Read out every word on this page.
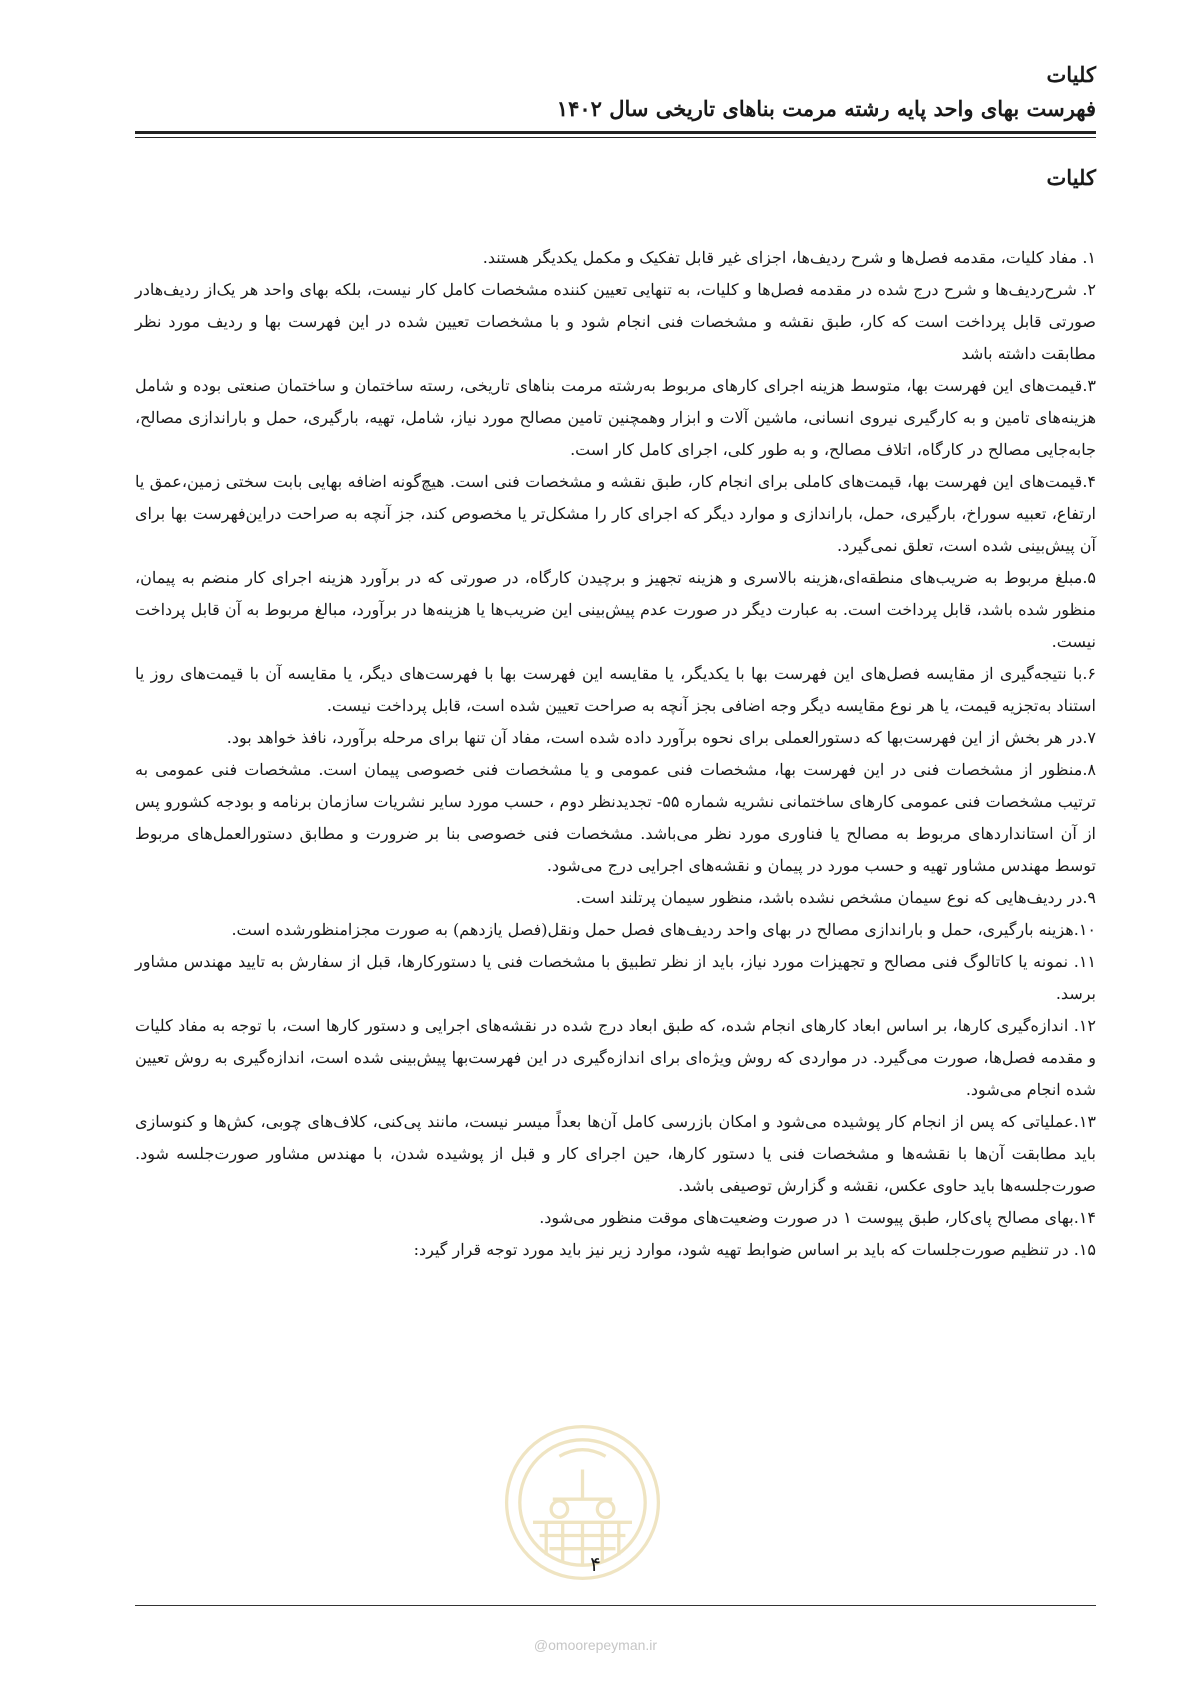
کلیات
فهرست بهای واحد پایه رشته مرمت بناهای تاریخی سال ۱۴۰۲
کلیات

۱. مفاد کلیات، مقدمه فصل‌ها و شرح ردیف‌ها، اجزای غیر قابل تفکیک و مکمل یکدیگر هستند.

۲. شرح‌ردیف‌ها و شرح درج شده در مقدمه فصل‌ها و کلیات، به تنهایی تعیین کننده مشخصات کامل کار نیست، بلکه بهای واحد هر یک‌از ردیف‌هادر صورتی قابل پرداخت است که کار، طبق نقشه و مشخصات فنی انجام شود و با مشخصات تعیین شده در این فهرست بها و ردیف مورد نظر مطابقت داشته باشد

۳.قیمت‌های این فهرست بها، متوسط هزینه اجرای کارهای مربوط به‌رشته مرمت بناهای تاریخی، رسته ساختمان و ساختمان صنعتی بوده و شامل هزینه‌های تامین و به کارگیری نیروی انسانی، ماشین آلات و ابزار وهمچنین تامین مصالح مورد نیاز، شامل، تهیه، بارگیری، حمل و باراندازی مصالح، جابه‌جایی مصالح در کارگاه، اتلاف مصالح، و به طور کلی، اجرای کامل کار است.

۴.قیمت‌های این فهرست بها، قیمت‌های کاملی برای انجام کار، طبق نقشه و مشخصات فنی است. هیچ‌گونه اضافه بهایی بابت سختی زمین،عمق یا ارتفاع، تعبیه سوراخ، بارگیری، حمل، باراندازی و موارد دیگر که اجرای کار را مشکل‌تر یا مخصوص کند، جز آنچه به صراحت دراین‌فهرست بها برای آن پیش‌بینی شده است، تعلق نمی‌گیرد.

۵.مبلغ مربوط به ضریب‌های منطقه‌ای،هزینه بالاسری و هزینه تجهیز و برچیدن کارگاه، در صورتی که در برآورد هزینه اجرای کار منضم به پیمان، منظور شده باشد، قابل پرداخت است. به عبارت دیگر در صورت عدم پیش‌بینی این ضریب‌ها یا هزینه‌ها در برآورد، مبالغ مربوط به آن قابل پرداخت نیست.

۶.با نتیجه‌گیری از مقایسه فصل‌های این فهرست بها با یکدیگر، یا مقایسه این فهرست بها با فهرست‌های دیگر، یا مقایسه آن با قیمت‌های روز یا استناد به‌تجزیه قیمت، یا هر نوع مقایسه دیگر وجه اضافی بجز آنچه به صراحت تعیین شده است، قابل پرداخت نیست.

۷.در هر بخش از این فهرست‌بها که دستورالعملی برای نحوه برآورد داده شده است، مفاد آن تنها برای مرحله برآورد، نافذ خواهد بود.

۸.منظور از مشخصات فنی در این فهرست بها، مشخصات فنی عمومی و یا مشخصات فنی خصوصی پیمان است. مشخصات فنی عمومی به ترتیب مشخصات فنی عمومی کارهای ساختمانی نشریه شماره ۵۵- تجدیدنظر دوم ، حسب مورد سایر نشریات سازمان برنامه و بودجه کشورو پس از آن استانداردهای مربوط به مصالح یا فناوری مورد نظر می‌باشد. مشخصات فنی خصوصی بنا بر ضرورت و مطابق دستورالعمل‌های مربوط توسط مهندس مشاور تهیه و حسب مورد در پیمان و نقشه‌های اجرایی درج می‌شود.

۹.در ردیف‌هایی که نوع سیمان مشخص نشده باشد، منظور سیمان پرتلند است.

۱۰.هزینه بارگیری، حمل و باراندازی مصالح در بهای واحد ردیف‌های فصل حمل ونقل(فصل یازدهم) به صورت مجزامنظورشده است.

۱۱. نمونه یا کاتالوگ فنی مصالح و تجهیزات مورد نیاز، باید از نظر تطبیق با مشخصات فنی یا دستورکارها، قبل از سفارش به تایید مهندس مشاور برسد.

۱۲. اندازه‌گیری کارها، بر اساس ابعاد کارهای انجام شده، که طبق ابعاد درج شده در نقشه‌های اجرایی و دستور کارها است، با توجه به مفاد کلیات و مقدمه فصل‌ها، صورت می‌گیرد. در مواردی که روش ویژه‌ای برای اندازه‌گیری در این فهرست‌بها پیش‌بینی شده است، اندازه‌گیری به روش تعیین شده انجام می‌شود.

۱۳.عملیاتی که پس از انجام کار پوشیده می‌شود و امکان بازرسی کامل آن‌ها بعداً میسر نیست، مانند پی‌کنی، کلاف‌های چوبی، کش‌ها و کنوسازی باید مطابقت آن‌ها با نقشه‌ها و مشخصات فنی یا دستور کارها، حین اجرای کار و قبل از پوشیده شدن، با مهندس مشاور صورت‌جلسه شود. صورت‌جلسه‌ها باید حاوی عکس، نقشه و گزارش توصیفی باشد.

۱۴.بهای مصالح پای‌کار، طبق پیوست ۱ در صورت وضعیت‌های موقت منظور می‌شود.

۱۵. در تنظیم صورت‌جلسات که باید بر اساس ضوابط تهیه شود، موارد زیر نیز باید مورد توجه قرار گیرد:

۴
@omoorepeyman.ir
